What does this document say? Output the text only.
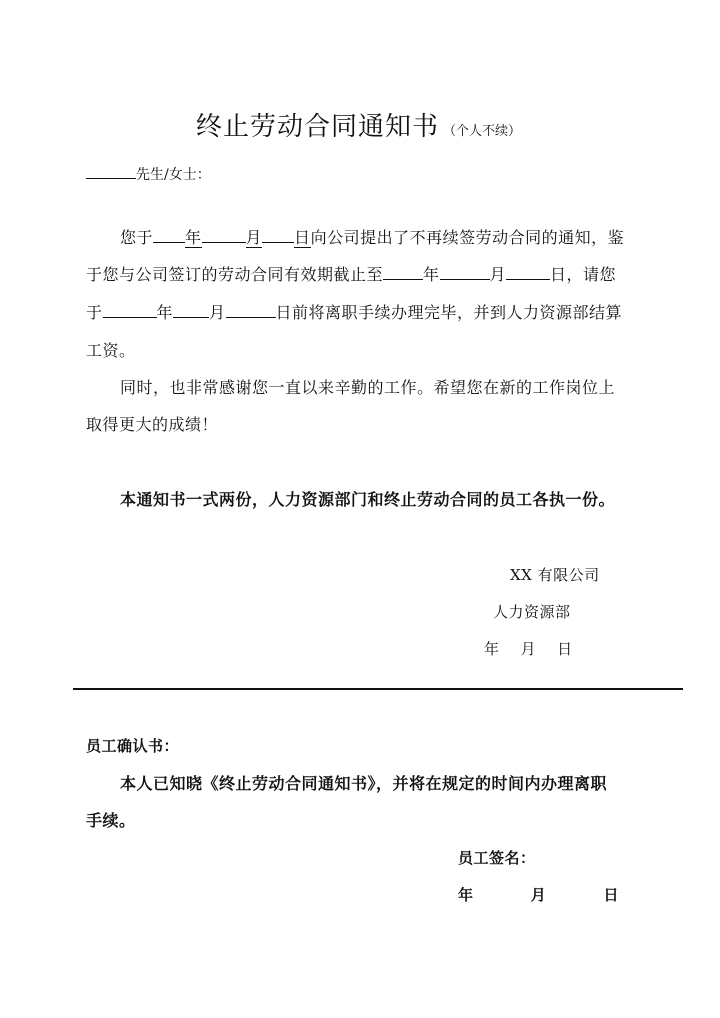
终止劳动合同通知书 （个人不续）
先生/女士：
您于 年	月 日向公司提出了不再续签劳动合同的通知，鉴
于您与公司签订的劳动合同有效期截止至	年	月	日，请您
于	年 月	日前将离职手续办理完毕，并到人力资源部结算
工资。
同时，也非常感谢您一直以来辛勤的工作。希望您在新的工作岗位上
取得更大的成绩！
本通知书一式两份，人力资源部门和终止劳动合同的员工各执一份。
XX 有限公司
人力资源部
年    月    日
员工确认书：
本人已知晓《终止劳动合同通知书》，并将在规定的时间内办理离职
手续。
员工签名：
年          月          日
